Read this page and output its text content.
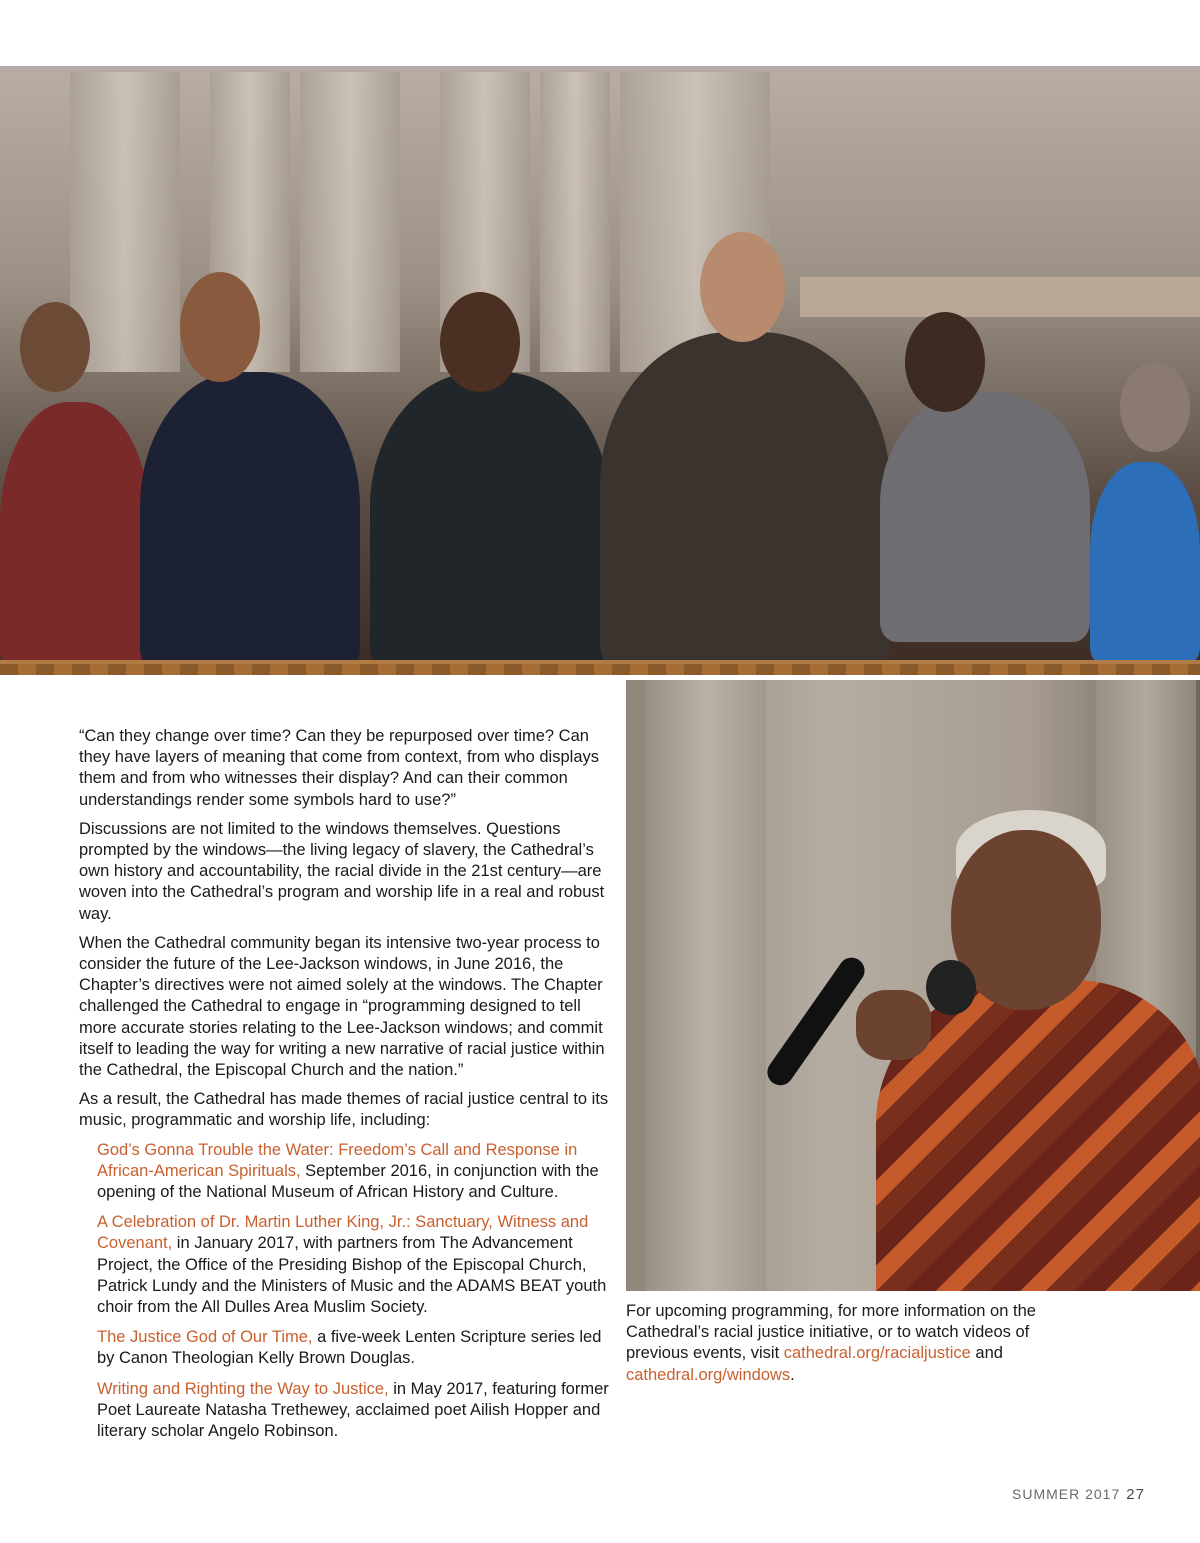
“Can they change over time? Can they be repurposed over time? Can they have layers of meaning that come from context, from who displays them and from who witnesses their display? And can their common understandings render some symbols hard to use?”

Discussions are not limited to the windows themselves. Questions prompted by the windows—the living legacy of slavery, the Cathedral’s own history and accountability, the racial divide in the 21st century—are woven into the Cathedral’s program and worship life in a real and robust way.

When the Cathedral community began its intensive two-year process to consider the future of the Lee-Jackson windows, in June 2016, the Chapter’s directives were not aimed solely at the windows. The Chapter challenged the Cathedral to engage in “programming designed to tell more accurate stories relating to the Lee-Jackson windows; and commit itself to leading the way for writing a new narrative of racial justice within the Cathedral, the Episcopal Church and the nation.”

As a result, the Cathedral has made themes of racial justice central to its music, programmatic and worship life, including:

God’s Gonna Trouble the Water: Freedom’s Call and Response in African-American Spirituals, September 2016, in conjunction with the opening of the National Museum of African History and Culture.
A Celebration of Dr. Martin Luther King, Jr.: Sanctuary, Witness and Covenant, in January 2017, with partners from The Advancement Project, the Office of the Presiding Bishop of the Episcopal Church, Patrick Lundy and the Ministers of Music and the ADAMS BEAT youth choir from the All Dulles Area Muslim Society.
The Justice God of Our Time, a five-week Lenten Scripture series led by Canon Theologian Kelly Brown Douglas.
Writing and Righting the Way to Justice, in May 2017, featuring former Poet Laureate Natasha Trethewey, acclaimed poet Ailish Hopper and literary scholar Angelo Robinson.
For upcoming programming, for more information on the Cathedral’s racial justice initiative, or to watch videos of previous events, visit cathedral.org/racialjustice and cathedral.org/windows.
SUMMER 2017 27
